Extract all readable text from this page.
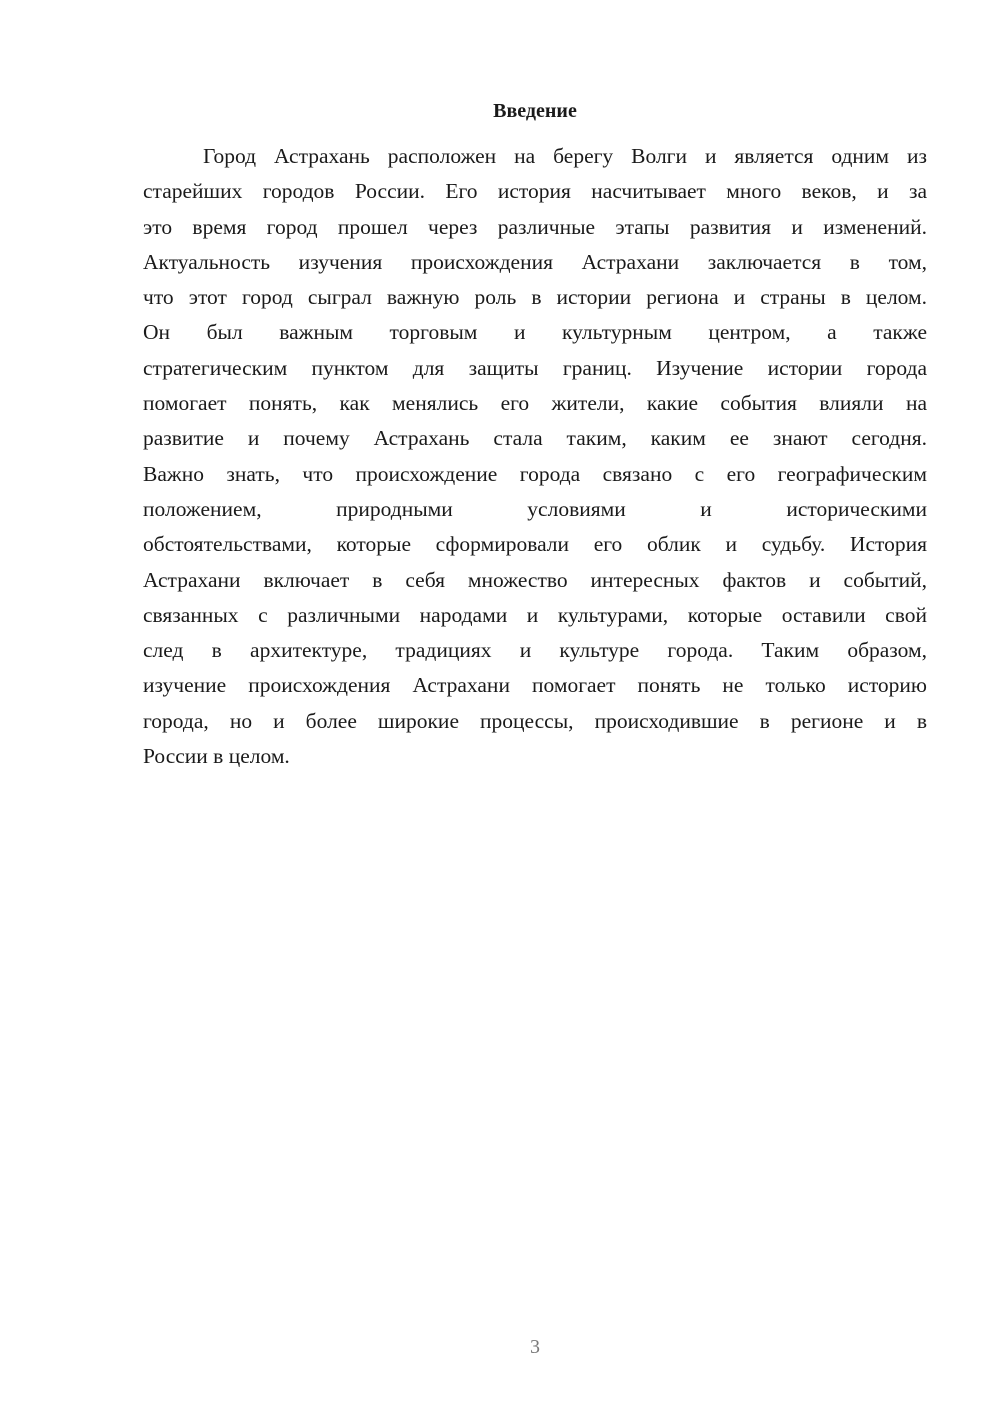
Введение
Город Астрахань расположен на берегу Волги и является одним из
старейших городов России. Его история насчитывает много веков, и за
это время город прошел через различные этапы развития и изменений.
Актуальность изучения происхождения Астрахани заключается в том,
что этот город сыграл важную роль в истории региона и страны в целом.
Он был важным торговым и культурным центром, а также
стратегическим пунктом для защиты границ. Изучение истории города
помогает понять, как менялись его жители, какие события влияли на
развитие и почему Астрахань стала таким, каким ее знают сегодня.
Важно знать, что происхождение города связано с его географическим
положением, природными условиями и историческими
обстоятельствами, которые сформировали его облик и судьбу. История
Астрахани включает в себя множество интересных фактов и событий,
связанных с различными народами и культурами, которые оставили свой
след в архитектуре, традициях и культуре города. Таким образом,
изучение происхождения Астрахани помогает понять не только историю
города, но и более широкие процессы, происходившие в регионе и в
России в целом.
3
